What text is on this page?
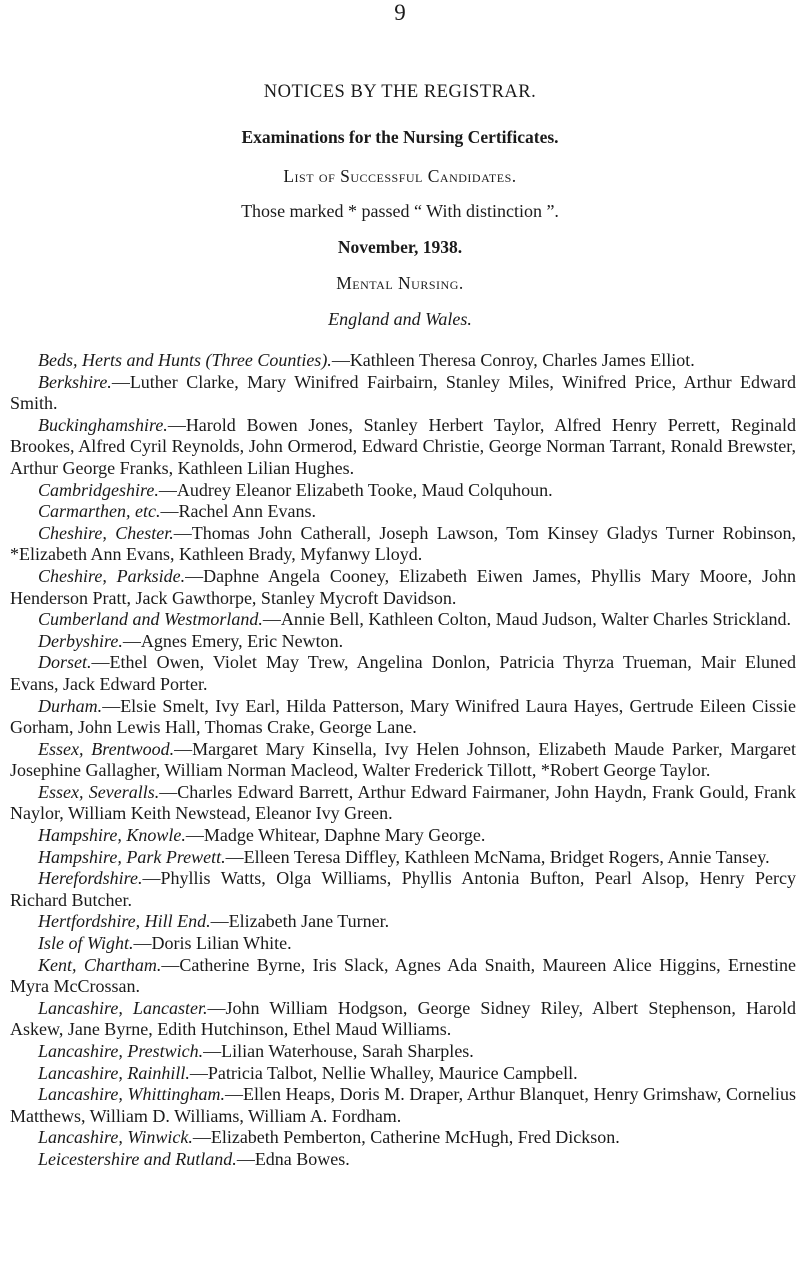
9
NOTICES BY THE REGISTRAR.
Examinations for the Nursing Certificates.
List of Successful Candidates.
Those marked * passed “ With distinction ”.
November, 1938.
Mental Nursing.
England and Wales.

Beds, Herts and Hunts (Three Counties).—Kathleen Theresa Conroy, Charles James Elliot.

Berkshire.—Luther Clarke, Mary Winifred Fairbairn, Stanley Miles, Winifred Price, Arthur Edward Smith.

Buckinghamshire.—Harold Bowen Jones, Stanley Herbert Taylor, Alfred Henry Perrett, Reginald Brookes, Alfred Cyril Reynolds, John Ormerod, Edward Christie, George Norman Tarrant, Ronald Brewster, Arthur George Franks, Kathleen Lilian Hughes.

Cambridgeshire.—Audrey Eleanor Elizabeth Tooke, Maud Colquhoun.

Carmarthen, etc.—Rachel Ann Evans.

Cheshire, Chester.—Thomas John Catherall, Joseph Lawson, Tom Kinsey Gladys Turner Robinson, *Elizabeth Ann Evans, Kathleen Brady, Myfanwy Lloyd.

Cheshire, Parkside.—Daphne Angela Cooney, Elizabeth Eiwen James, Phyllis Mary Moore, John Henderson Pratt, Jack Gawthorpe, Stanley Mycroft Davidson.

Cumberland and Westmorland.—Annie Bell, Kathleen Colton, Maud Judson, Walter Charles Strickland.

Derbyshire.—Agnes Emery, Eric Newton.

Dorset.—Ethel Owen, Violet May Trew, Angelina Donlon, Patricia Thyrza Trueman, Mair Eluned Evans, Jack Edward Porter.

Durham.—Elsie Smelt, Ivy Earl, Hilda Patterson, Mary Winifred Laura Hayes, Gertrude Eileen Cissie Gorham, John Lewis Hall, Thomas Crake, George Lane.

Essex, Brentwood.—Margaret Mary Kinsella, Ivy Helen Johnson, Elizabeth Maude Parker, Margaret Josephine Gallagher, William Norman Macleod, Walter Frederick Tillott, *Robert George Taylor.

Essex, Severalls.—Charles Edward Barrett, Arthur Edward Fairmaner, John Haydn, Frank Gould, Frank Naylor, William Keith Newstead, Eleanor Ivy Green.

Hampshire, Knowle.—Madge Whitear, Daphne Mary George.

Hampshire, Park Prewett.—Elleen Teresa Diffley, Kathleen McNama, Bridget Rogers, Annie Tansey.

Herefordshire.—Phyllis Watts, Olga Williams, Phyllis Antonia Bufton, Pearl Alsop, Henry Percy Richard Butcher.

Hertfordshire, Hill End.—Elizabeth Jane Turner.

Isle of Wight.—Doris Lilian White.

Kent, Chartham.—Catherine Byrne, Iris Slack, Agnes Ada Snaith, Maureen Alice Higgins, Ernestine Myra McCrossan.

Lancashire, Lancaster.—John William Hodgson, George Sidney Riley, Albert Stephenson, Harold Askew, Jane Byrne, Edith Hutchinson, Ethel Maud Williams.

Lancashire, Prestwich.—Lilian Waterhouse, Sarah Sharples.

Lancashire, Rainhill.—Patricia Talbot, Nellie Whalley, Maurice Campbell.

Lancashire, Whittingham.—Ellen Heaps, Doris M. Draper, Arthur Blanquet, Henry Grimshaw, Cornelius Matthews, William D. Williams, William A. Fordham.

Lancashire, Winwick.—Elizabeth Pemberton, Catherine McHugh, Fred Dickson.

Leicestershire and Rutland.—Edna Bowes.
